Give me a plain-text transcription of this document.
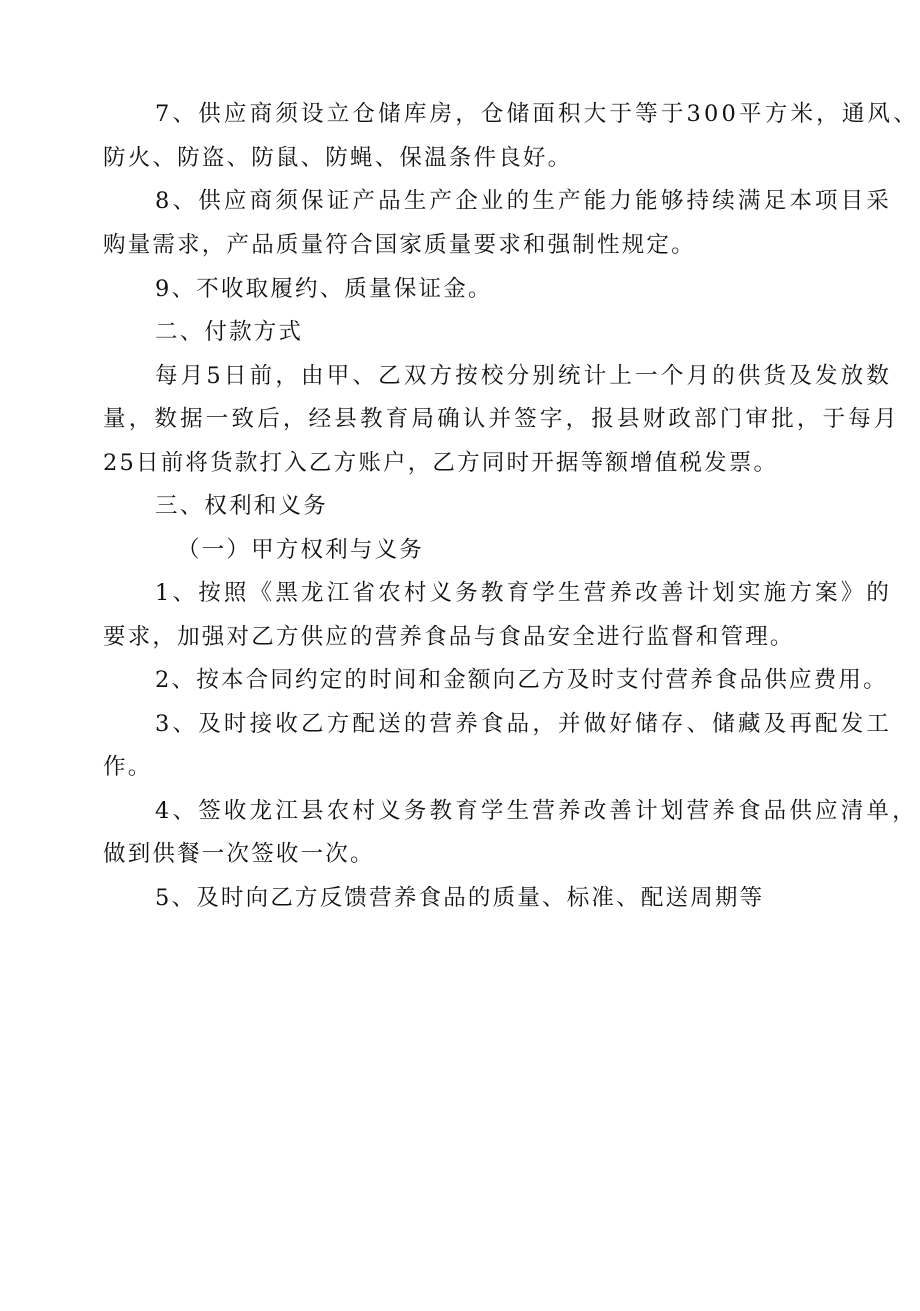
7、供应商须设立仓储库房，仓储面积大于等于300平方米，通风、
防火、防盗、防鼠、防蝇、保温条件良好。
8、供应商须保证产品生产企业的生产能力能够持续满足本项目采
购量需求，产品质量符合国家质量要求和强制性规定。
9、不收取履约、质量保证金。
二、付款方式
每月5日前，由甲、乙双方按校分别统计上一个月的供货及发放数
量，数据一致后，经县教育局确认并签字，报县财政部门审批，于每月
25日前将货款打入乙方账户，乙方同时开据等额增值税发票。
三、权利和义务
（一）甲方权利与义务
1、按照《黑龙江省农村义务教育学生营养改善计划实施方案》的
要求，加强对乙方供应的营养食品与食品安全进行监督和管理。
2、按本合同约定的时间和金额向乙方及时支付营养食品供应费用。
3、及时接收乙方配送的营养食品，并做好储存、储藏及再配发工
作。
4、签收龙江县农村义务教育学生营养改善计划营养食品供应清单，
做到供餐一次签收一次。
5、及时向乙方反馈营养食品的质量、标准、配送周期等
